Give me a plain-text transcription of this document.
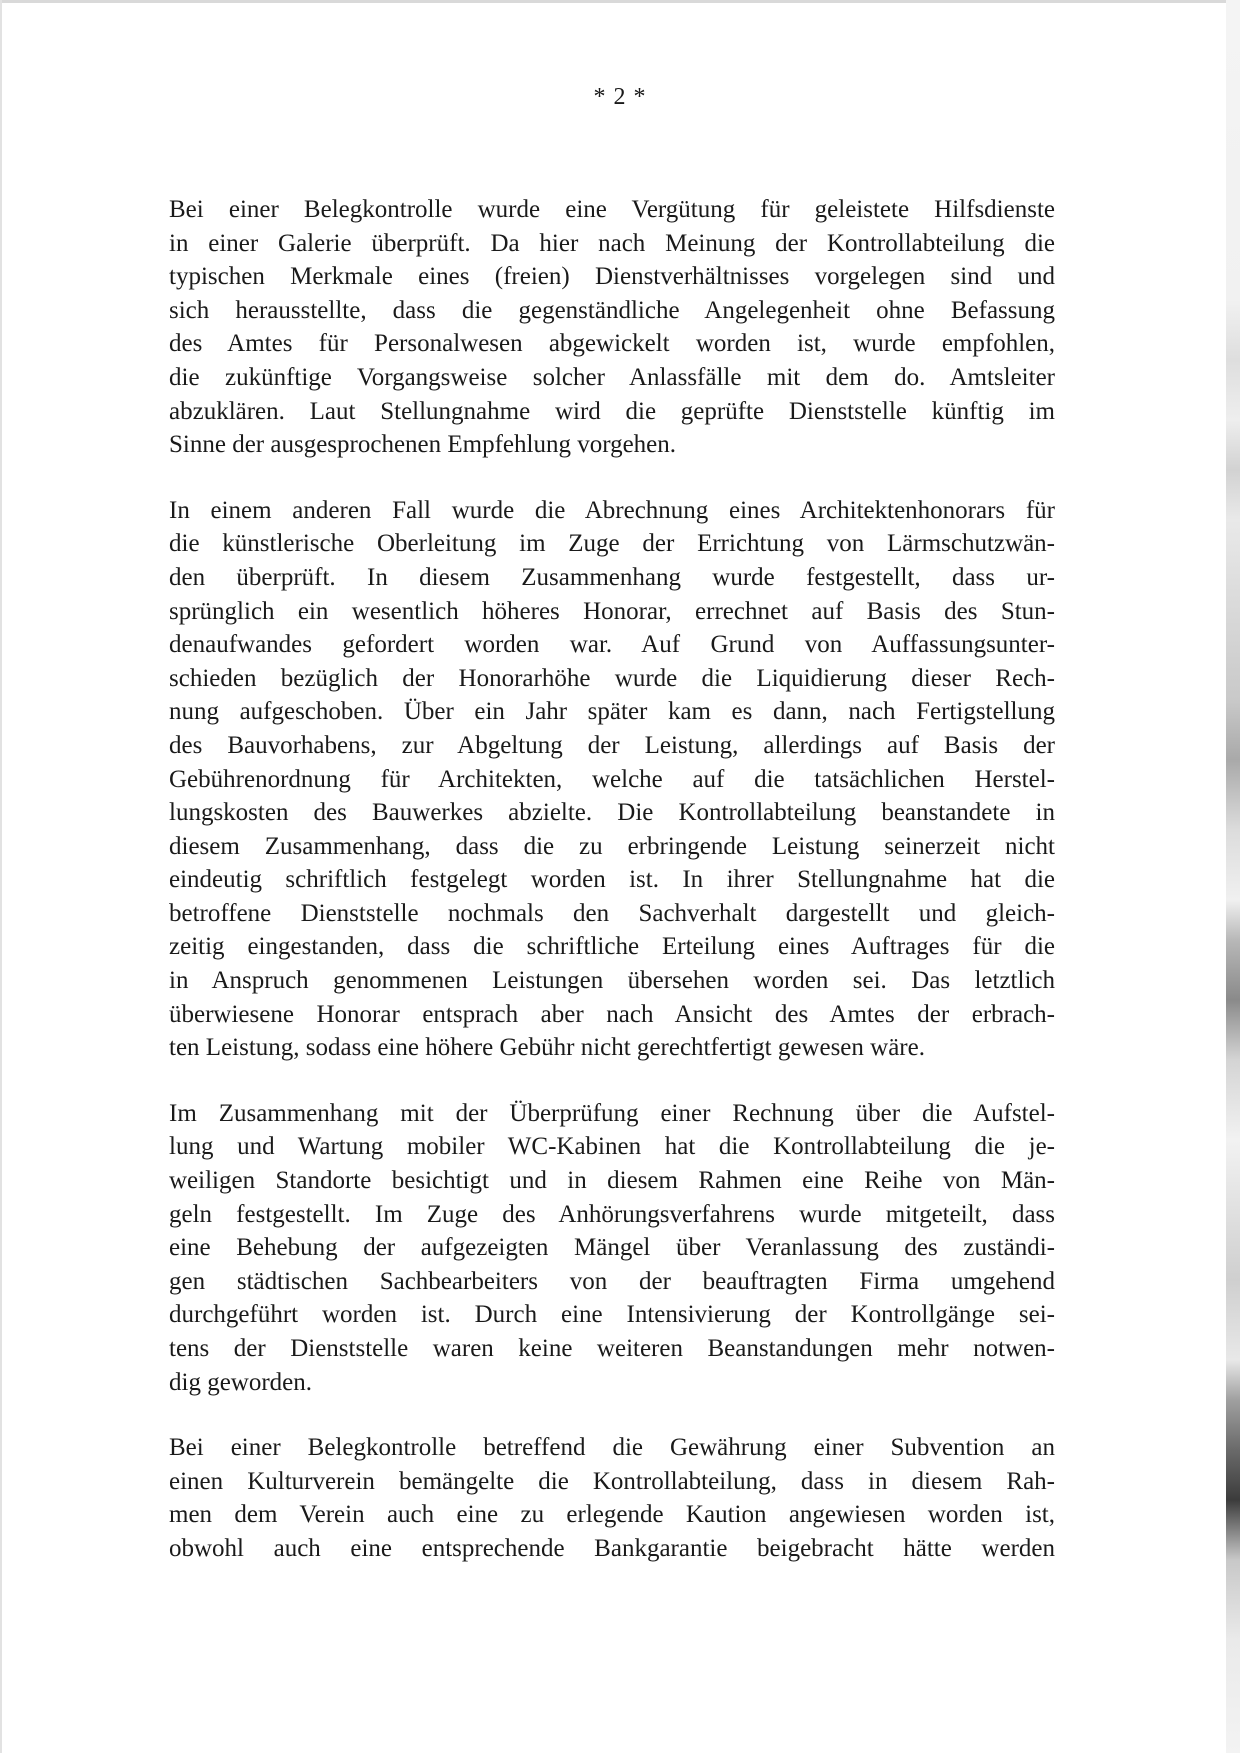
* 2 *

Bei einer Belegkontrolle wurde eine Vergütung für geleistete Hilfsdienste
in einer Galerie überprüft. Da hier nach Meinung der Kontrollabteilung die
typischen Merkmale eines (freien) Dienstverhältnisses vorgelegen sind und
sich herausstellte, dass die gegenständliche Angelegenheit ohne Befassung
des Amtes für Personalwesen abgewickelt worden ist, wurde empfohlen,
die zukünftige Vorgangsweise solcher Anlassfälle mit dem do. Amtsleiter
abzuklären. Laut Stellungnahme wird die geprüfte Dienststelle künftig im
Sinne der ausgesprochenen Empfehlung vorgehen.

In einem anderen Fall wurde die Abrechnung eines Architektenhonorars für
die künstlerische Oberleitung im Zuge der Errichtung von Lärmschutzwän-
den überprüft. In diesem Zusammenhang wurde festgestellt, dass ur-
sprünglich ein wesentlich höheres Honorar, errechnet auf Basis des Stun-
denaufwandes gefordert worden war. Auf Grund von Auffassungsunter-
schieden bezüglich der Honorarhöhe wurde die Liquidierung dieser Rech-
nung aufgeschoben. Über ein Jahr später kam es dann, nach Fertigstellung
des Bauvorhabens, zur Abgeltung der Leistung, allerdings auf Basis der
Gebührenordnung für Architekten, welche auf die tatsächlichen Herstel-
lungskosten des Bauwerkes abzielte. Die Kontrollabteilung beanstandete in
diesem Zusammenhang, dass die zu erbringende Leistung seinerzeit nicht
eindeutig schriftlich festgelegt worden ist. In ihrer Stellungnahme hat die
betroffene Dienststelle nochmals den Sachverhalt dargestellt und gleich-
zeitig eingestanden, dass die schriftliche Erteilung eines Auftrages für die
in Anspruch genommenen Leistungen übersehen worden sei. Das letztlich
überwiesene Honorar entsprach aber nach Ansicht des Amtes der erbrach-
ten Leistung, sodass eine höhere Gebühr nicht gerechtfertigt gewesen wäre.

Im Zusammenhang mit der Überprüfung einer Rechnung über die Aufstel-
lung und Wartung mobiler WC-Kabinen hat die Kontrollabteilung die je-
weiligen Standorte besichtigt und in diesem Rahmen eine Reihe von Män-
geln festgestellt. Im Zuge des Anhörungsverfahrens wurde mitgeteilt, dass
eine Behebung der aufgezeigten Mängel über Veranlassung des zuständi-
gen städtischen Sachbearbeiters von der beauftragten Firma umgehend
durchgeführt worden ist. Durch eine Intensivierung der Kontrollgänge sei-
tens der Dienststelle waren keine weiteren Beanstandungen mehr notwen-
dig geworden.

Bei einer Belegkontrolle betreffend die Gewährung einer Subvention an
einen Kulturverein bemängelte die Kontrollabteilung, dass in diesem Rah-
men dem Verein auch eine zu erlegende Kaution angewiesen worden ist,
obwohl auch eine entsprechende Bankgarantie beigebracht hätte werden
